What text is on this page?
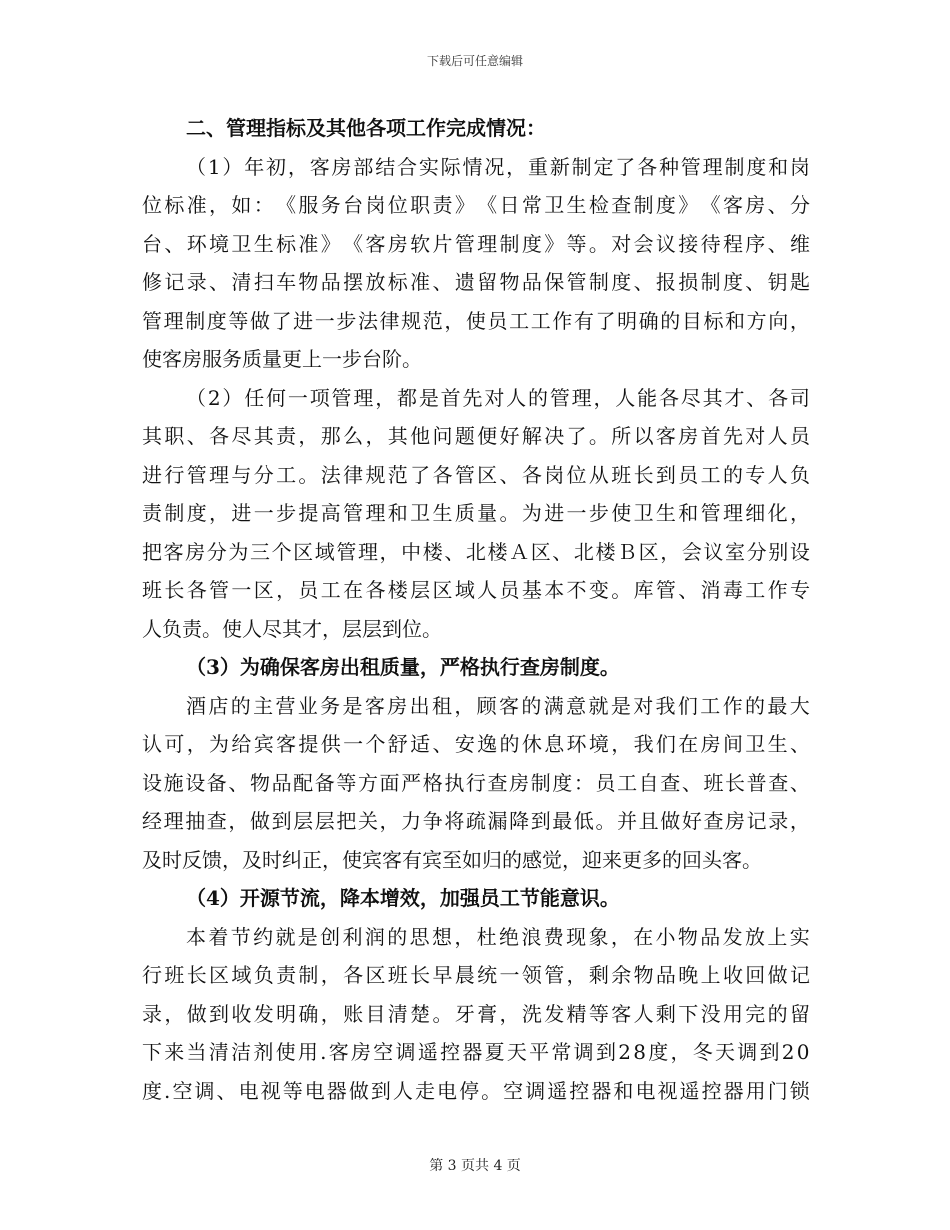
下载后可任意编辑
二、管理指标及其他各项工作完成情况：
（ 1 ） 年 初 ， 客 房 部 结 合 实 际 情 况 ， 重 新 制 定 了 各 种 管 理 制 度 和 岗
位 标 准 ， 如 ： 《 服 务 台 岗 位 职 责 》 《 日 常 卫 生 检 查 制 度 》 《 客 房 、 分
台 、 环 境 卫 生 标 准 》 《 客 房 软 片 管 理 制 度 》 等 。 对 会 议 接 待 程 序 、 维
修 记 录 、 清 扫 车 物 品 摆 放 标 准 、 遗 留 物 品 保 管 制 度 、 报 损 制 度 、 钥 匙
管 理 制 度 等 做 了 进 一 步 法 律 规 范 ， 使 员 工 工 作 有 了 明 确 的 目 标 和 方 向 ，
使客房服务质量更上一步台阶。
（ 2 ） 任 何 一 项 管 理 ， 都 是 首 先 对 人 的 管 理 ， 人 能 各 尽 其 才 、 各 司
其 职 、 各 尽 其 责 ， 那 么 ， 其 他 问 题 便 好 解 决 了 。 所 以 客 房 首 先 对 人 员
进 行 管 理 与 分 工 。 法 律 规 范 了 各 管 区 、 各 岗 位 从 班 长 到 员 工 的 专 人 负
责 制 度 ， 进 一 步 提 高 管 理 和 卫 生 质 量 。 为 进 一 步 使 卫 生 和 管 理 细 化 ，
把 客 房 分 为 三 个 区 域 管 理 ， 中 楼 、 北 楼 Ａ 区 、 北 楼 Ｂ 区 ， 会 议 室 分 别 设
班 长 各 管 一 区 ， 员 工 在 各 楼 层 区 域 人 员 基 本 不 变 。 库 管 、 消 毒 工 作 专
人负责。使人尽其才，层层到位。
（3）为确保客房出租质量，严格执行查房制度。
酒 店 的 主 营 业 务 是 客 房 出 租 ， 顾 客 的 满 意 就 是 对 我 们 工 作 的 最 大
认 可 ， 为 给 宾 客 提 供 一 个 舒 适 、 安 逸 的 休 息 环 境 ， 我 们 在 房 间 卫 生 、
设 施 设 备 、 物 品 配 备 等 方 面 严 格 执 行 查 房 制 度 ： 员 工 自 查 、 班 长 普 查 、
经 理 抽 查 ， 做 到 层 层 把 关 ， 力 争 将 疏 漏 降 到 最 低 。 并 且 做 好 查 房 记 录 ，
及时反馈，及时纠正，使宾客有宾至如归的感觉，迎来更多的回头客。
（4）开源节流，降本增效，加强员工节能意识。
本 着 节 约 就 是 创 利 润 的 思 想 ， 杜 绝 浪 费 现 象 ， 在 小 物 品 发 放 上 实
行 班 长 区 域 负 责 制 ， 各 区 班 长 早 晨 统 一 领 管 ， 剩 余 物 品 晚 上 收 回 做 记
录 ， 做 到 收 发 明 确 ， 账 目 清 楚 。 牙 膏 ， 洗 发 精 等 客 人 剩 下 没 用 完 的 留
下 来 当 清 洁 剂 使 用 . 客 房 空 调 遥 控 器 夏 天 平 常 调 到 2 8 度 ， 冬 天 调 到 2 0
度 . 空 调 、 电 视 等 电 器 做 到 人 走 电 停 。 空 调 遥 控 器 和 电 视 遥 控 器 用 门 锁
第 3 页共 4 页
